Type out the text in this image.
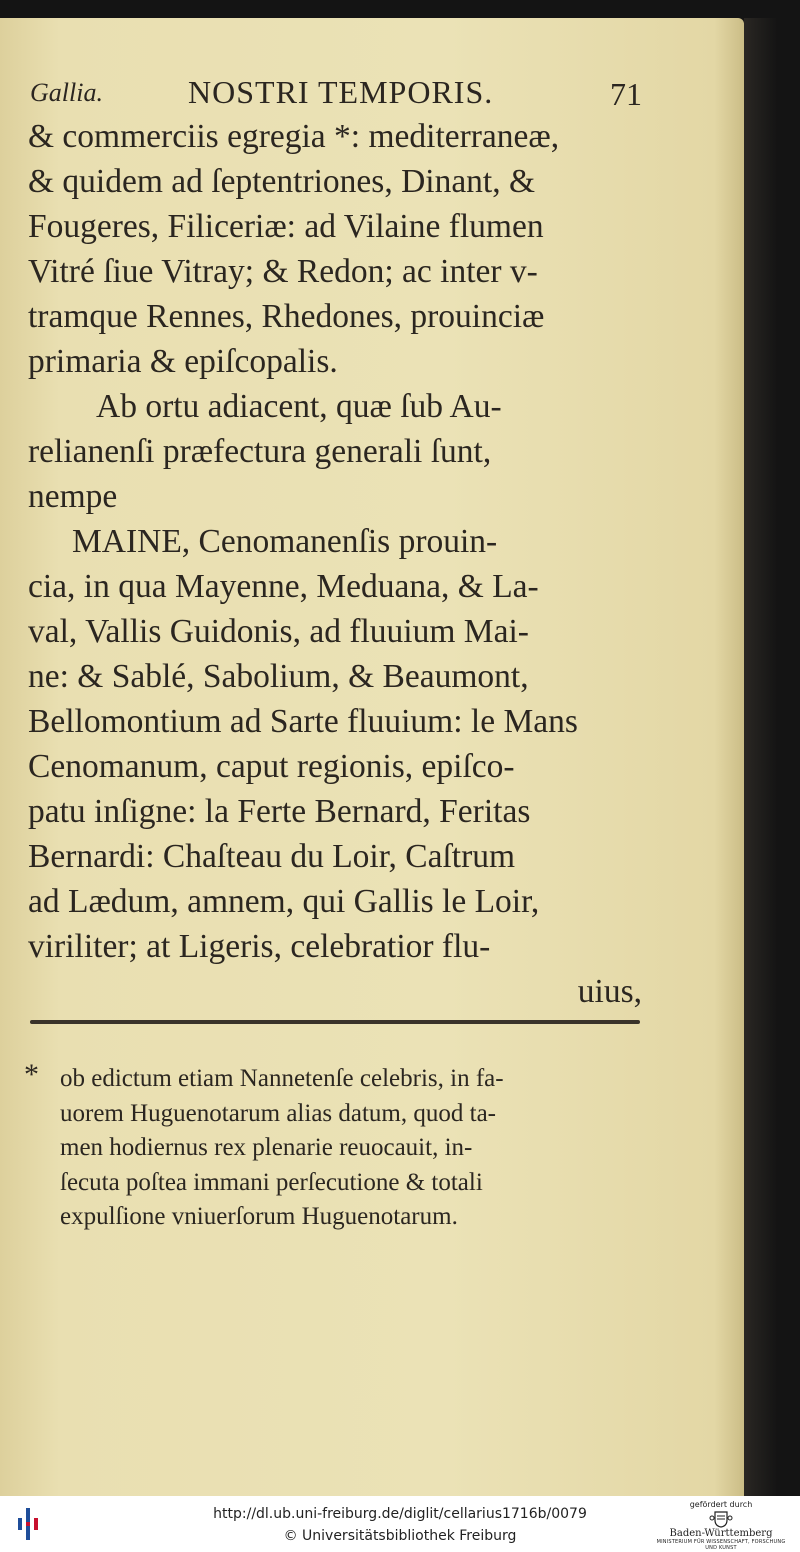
Gallia.	NOSTRI TEMPORIS.	71

& commerciis egregia *: mediterraneæ,
& quidem ad ſeptentriones, Dinant, &
Fougeres, Filiceriæ: ad Vilaine flumen
Vitré ſiue Vitray; & Redon; ac inter v-
tramque Rennes, Rhedones, prouinciæ
primaria & epiſcopalis.

Ab ortu adiacent, quæ ſub Au-
relianenſi præfectura generali ſunt,
nempe

MAINE, Cenomanenſis prouin-
cia, in qua Mayenne, Meduana, & La-
val, Vallis Guidonis, ad fluuium Mai-
ne: & Sablé, Sabolium, & Beaumont,
Bellomontium ad Sarte fluuium: le Mans
Cenomanum, caput regionis, epiſco-
patu inſigne: la Ferte Bernard, Feritas
Bernardi: Chaſteau du Loir, Caſtrum
ad Lædum, amnem, qui Gallis le Loir,
viriliter; at Ligeris, celebratior flu-

uius,

* ob edictum etiam Nannetenſe celebris, in fa-
uorem Huguenotarum alias datum, quod ta-
men hodiernus rex plenarie reuocauit, in-
ſecuta poſtea immani perſecutione & totali
expulſione vniuerſorum Huguenotarum.
http://dl.ub.uni-freiburg.de/diglit/cellarius1716b/0079
© Universitätsbibliothek Freiburg
gefördert durch
Baden-Württemberg
MINISTERIUM FÜR WISSENSCHAFT, FORSCHUNG UND KUNST
